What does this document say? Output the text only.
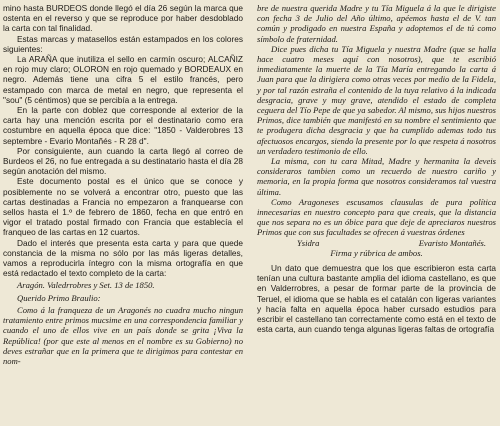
mino hasta BURDEOS donde llegó el día 26 según la marca que ostenta en el reverso y que se reproduce por haber desdoblado la carta con tal finalidad.

Estas marcas y matasellos están estampados en los colores siguientes:

La ARAÑA que inutiliza el sello en carmín oscuro; ALCAÑIZ en rojo muy claro; OLORON en rojo quemado y BORDEAUX en negro. Además tiene una cifra 5 el estilo francés, pero estampado con marca de metal en negro, que representa el "sou" (5 céntimos) que se percibía a la entrega.

En la parte con doblez que corresponde al exterior de la carta hay una mención escrita por el destinatario como era costumbre en aquella época que dice: "1850 - Valderobres 13 septembre - Evario Montañés - R 28 d".

Por consiguiente, aun cuando la carta llegó al correo de Burdeos el 26, no fue entregada a su destinatario hasta el día 28 según anotación del mismo.

Este documento postal es el único que se conoce y posiblemente no se volverá a encontrar otro, puesto que las cartas destinadas a Francia no empezaron a franquearse con sellos hasta el 1.º de febrero de 1860, fecha en que entró en vigor el tratado postal firmado con Francia que establecía el franqueo de las cartas en 12 cuartos.

Dado el interés que presenta esta carta y para que quede constancia de la misma no sólo por las más ligeras detalles, vamos a reproducirla íntegro con la misma ortografía en que está redactado el texto completo de la carta:

Aragón. Valedrrobres y Set. 13 de 1850.

Querido Primo Braulio:

Como á la franqueza de un Aragonés no cuadra mucho ningun tratamiento entre primos mucsime en una correspondencia familiar y cuando el uno de ellos vive en un país donde se grita ¡Viva la República! (por que este al menos en el nombre es su Gobierno) no deves estrañar que en la primera que te dirigimos para contestar en nom-

bre de nuestra querida Madre y tu Tía Miguela á la que le dirigiste con fecha 3 de Julio del Año último, apéemos hasta el de V. tan común y prodigado en nuestra España y adoptemos el de tú como símbolo de fraternidad.

Dice pues dicha tu Tía Miguela y nuestra Madre (que se halla hace cuatro meses aquí con nosotros), que te escribió inmediatamente la muerte de la Tía María entregando la carta á Juan para que la dirigiera como otras veces por medio de la Fidela, y por tal razón estraña el contenido de la tuya relativo á la indicada desgracia, grave y muy grave, atendido el estado de completa ceguera del Tío Pepe de que ya sabedor. Al mismo, sus hijos nuestros Primos, dice también que manifestó en su nombre el sentimiento que te produgera dicha desgracia y que ha cumplido ademas todo tus afectuosos encargos, siendo la presente por lo que respeta á nosotros un verdadero testimonio de ello.

La misma, con tu cara Mitad, Madre y hermanita la deveis consideraros tambien como un recuerdo de nuestro cariño y memoria, en la propia forma que nosotros consideramos tal vuestra última.

Como Aragoneses escusamos clausulas de pura política innecesarias en nuestro concepto para que creais, que la distancia que nos separa no es un óbice para que deje de apreciaros nuestros Primos que con sus facultades se ofrecen á vuestras órdenes

Ysidra	Evaristo Montañés.

Firma y rúbrica de ambos.

Un dato que demuestra que los que escribieron esta carta tenían una cultura bastante amplia del idioma castellano, es que en Valderrobres, a pesar de formar parte de la provincia de Teruel, el idioma que se habla es el catalán con ligeras variantes y hacía falta en aquella época haber cursado estudios para escribir el castellano tan correctamente como está en el texto de esta carta, aun cuando tenga algunas ligeras faltas de ortografía
